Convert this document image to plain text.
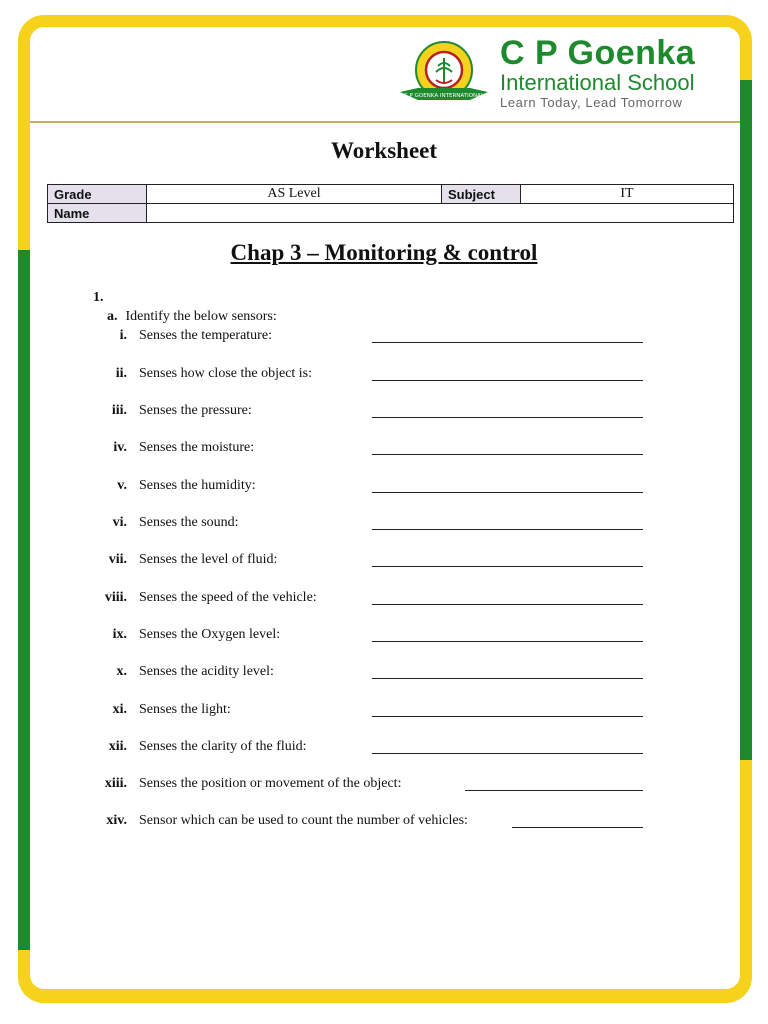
C P GOENKA INTERNATIONAL
C P Goenka
International School
Learn Today, Lead Tomorrow
Worksheet
Grade	AS Level	Subject	IT
Name			
Chap 3 – Monitoring & control
1.
a. Identify the below sensors:
i. Senses the temperature:
ii. Senses how close the object is:
iii. Senses the pressure:
iv. Senses the moisture:
v. Senses the humidity:
vi. Senses the sound:
vii. Senses the level of fluid:
viii. Senses the speed of the vehicle:
ix. Senses the Oxygen level:
x. Senses the acidity level:
xi. Senses the light:
xii. Senses the clarity of the fluid:
xiii. Senses the position or movement of the object:
xiv. Sensor which can be used to count the number of vehicles:
